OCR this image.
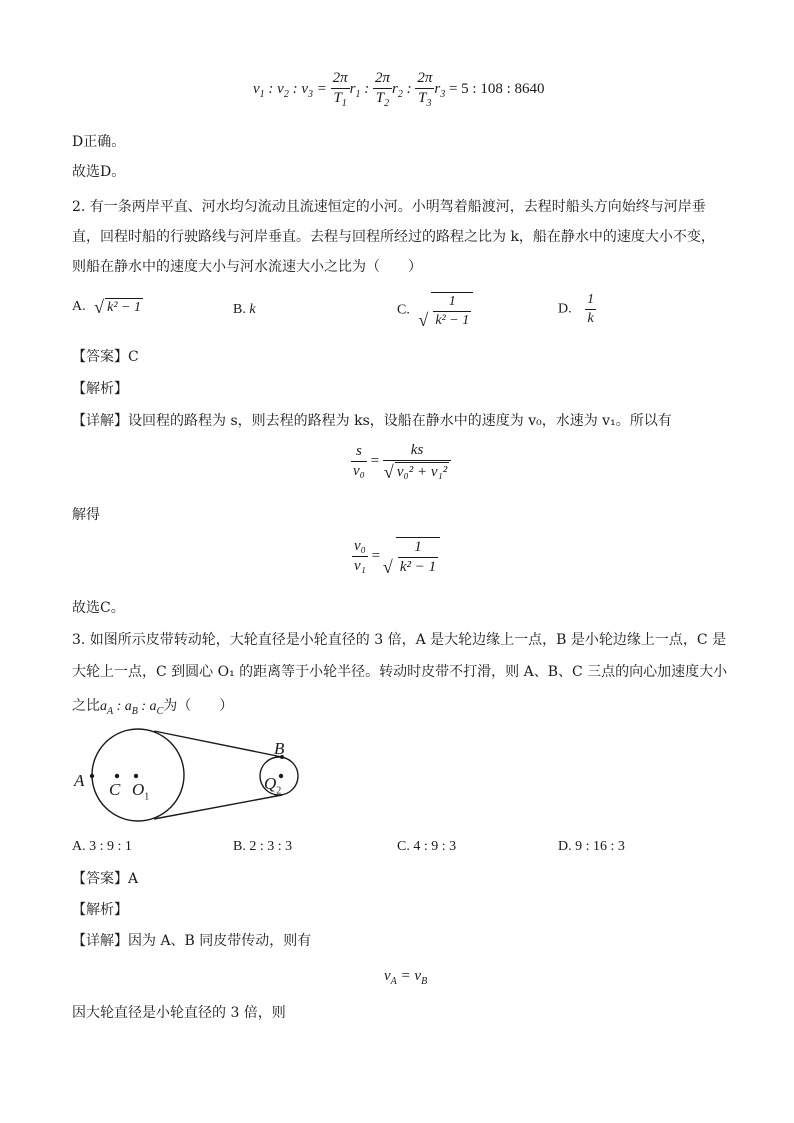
$v_1$ : $v_2$ : $v_3 = \frac{2\pi}{T_1} r_1$ : $\frac{2\pi}{T_2} r_2$ : $\frac{2\pi}{T_3} r_3 = 5$ : 108 : 8640
D正确。
故选D。
2. 有一条两岸平直、河水均匀流动且流速恒定的小河。小明驾着船渡河，去程时船头方向始终与河岸垂
直，回程时船的行驶路线与河岸垂直。去程与回程所经过的路程之比为 k，船在静水中的速度大小不变，
则船在静水中的速度大小与河水流速大小之比为（　　）
A. √ k² − 1	B. k	C. √ $\frac{1}{\text{k² − 1}}$	D. $\frac{1}{k}$
【答案】C
【解析】
【详解】设回程的路程为 s，则去程的路程为 ks，设船在静水中的速度为 v₀，水速为 v₁。所以有
$\frac{s}{\text{v₀}}$ = ks
√ v₀² + v₁²
解得
$\frac{\text{v₀}}{\text{v₁}}$ = √ $\frac{1}{\text{k² − 1}}$
故选C。
3. 如图所示皮带转动轮，大轮直径是小轮直径的 3 倍，A 是大轮边缘上一点，B 是小轮边缘上一点，C 是
大轮上一点，C 到圆心 O₁ 的距离等于小轮半径。转动时皮带不打滑，则 A、B、C 三点的向心加速度大小
之比$a_A$ : $a_B$ : $a_C$为（　　）
A C $O_1$
B
$Q_2$
A. 3 : 9 : 1	B. 2 : 3 : 3	C. 4 : 9 : 3	D. 9 : 16 : 3
【答案】A
【解析】
【详解】因为 A、B 同皮带传动，则有
$v_A = v_B$
因大轮直径是小轮直径的 3 倍，则
